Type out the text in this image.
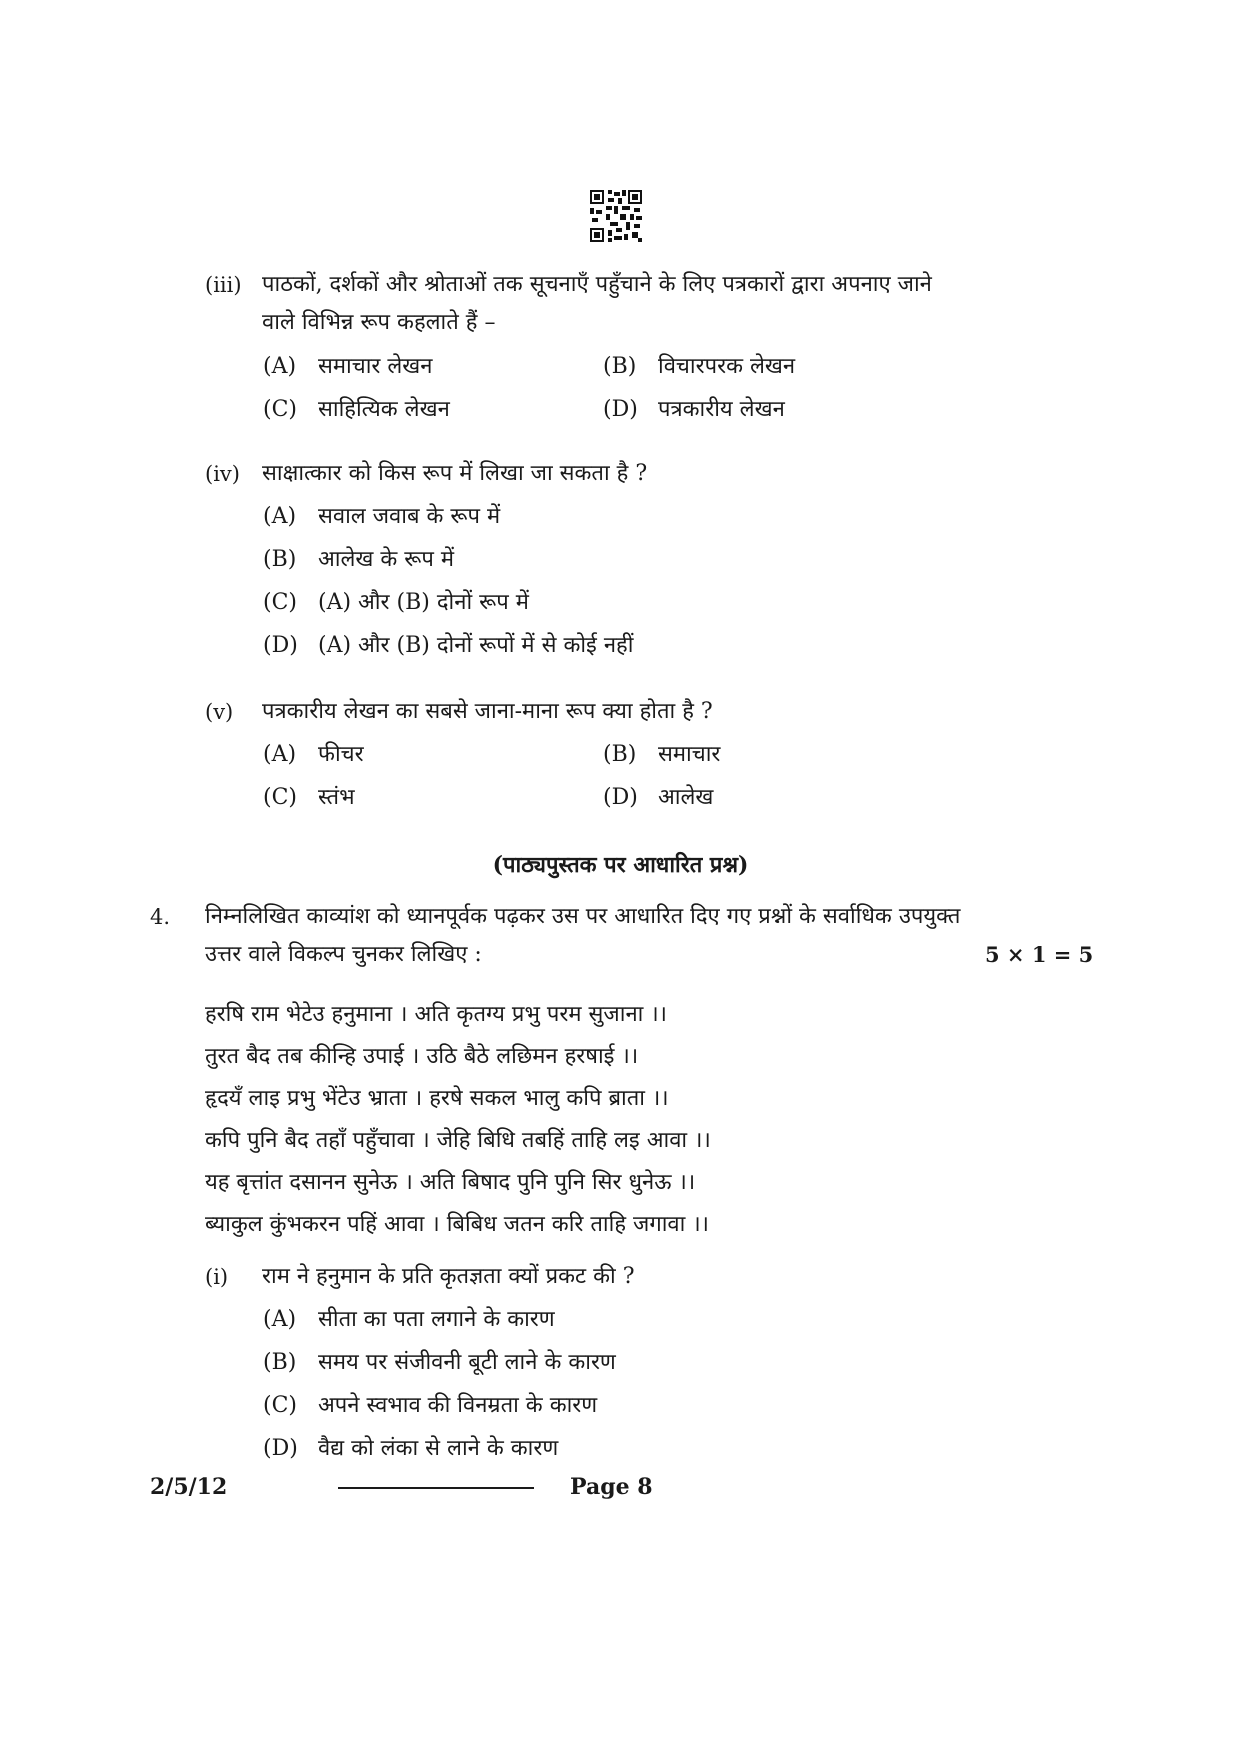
(iii) पाठकों, दर्शकों और श्रोताओं तक सूचनाएँ पहुँचाने के लिए पत्रकारों द्वारा अपनाए जाने
वाले विभिन्न रूप कहलाते हैं –
(A) समाचार लेखन	(B) विचारपरक लेखन
(C) साहित्यिक लेखन	(D) पत्रकारीय लेखन
(iv) साक्षात्कार को किस रूप में लिखा जा सकता है ?
(A) सवाल जवाब के रूप में
(B) आलेख के रूप में
(C) (A) और (B) दोनों रूप में
(D) (A) और (B) दोनों रूपों में से कोई नहीं
(v) पत्रकारीय लेखन का सबसे जाना-माना रूप क्या होता है ?
(A) फीचर	(B) समाचार
(C) स्तंभ	(D) आलेख
(पाठ्यपुस्तक पर आधारित प्रश्न)
4. निम्नलिखित काव्यांश को ध्यानपूर्वक पढ़कर उस पर आधारित दिए गए प्रश्नों के सर्वाधिक उपयुक्त
उत्तर वाले विकल्प चुनकर लिखिए :	5 × 1 = 5
हरषि राम भेटेउ हनुमाना । अति कृतग्य प्रभु परम सुजाना ।।
तुरत बैद तब कीन्हि उपाई । उठि बैठे लछिमन हरषाई ।।
हृदयँ लाइ प्रभु भेंटेउ भ्राता । हरषे सकल भालु कपि ब्राता ।।
कपि पुनि बैद तहाँ पहुँचावा । जेहि बिधि तबहिं ताहि लइ आवा ।।
यह बृत्तांत दसानन सुनेऊ । अति बिषाद पुनि पुनि सिर धुनेऊ ।।
ब्याकुल कुंभकरन पहिं आवा । बिबिध जतन करि ताहि जगावा ।।
(i) राम ने हनुमान के प्रति कृतज्ञता क्यों प्रकट की ?
(A) सीता का पता लगाने के कारण
(B) समय पर संजीवनी बूटी लाने के कारण
(C) अपने स्वभाव की विनम्रता के कारण
(D) वैद्य को लंका से लाने के कारण
2/5/12	Page 8
